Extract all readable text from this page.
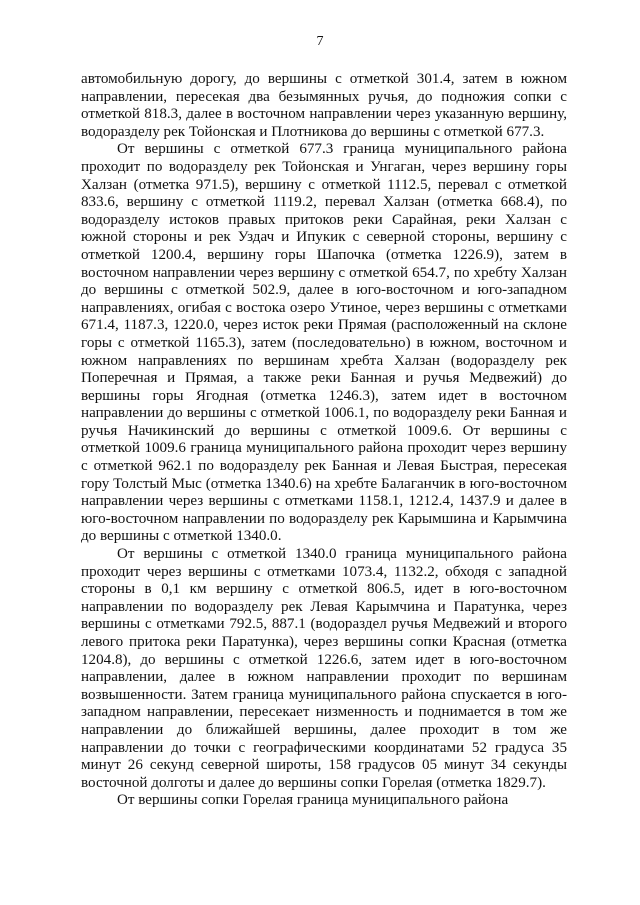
7

автомобильную дорогу, до вершины с отметкой 301.4, затем в южном направлении, пересекая два безымянных ручья, до подножия сопки с отметкой 818.3, далее в восточном направлении через указанную вершину, водоразделу рек Тойонская и Плотникова до вершины с отметкой 677.3.

От вершины с отметкой 677.3 граница муниципального района проходит по водоразделу рек Тойонская и Унгаган, через вершину горы Халзан (отметка 971.5), вершину с отметкой 1112.5, перевал с отметкой 833.6, вершину с отметкой 1119.2, перевал Халзан (отметка 668.4), по водоразделу истоков правых притоков реки Сарайная, реки Халзан с южной стороны и рек Уздач и Ипукик с северной стороны, вершину с отметкой 1200.4, вершину горы Шапочка (отметка 1226.9), затем в восточном направлении через вершину с отметкой 654.7, по хребту Халзан до вершины с отметкой 502.9, далее в юго-восточном и юго-западном направлениях, огибая с востока озеро Утиное, через вершины с отметками 671.4, 1187.3, 1220.0, через исток реки Прямая (расположенный на склоне горы с отметкой 1165.3), затем (последовательно) в южном, восточном и южном направлениях по вершинам хребта Халзан (водоразделу рек Поперечная и Прямая, а также реки Банная и ручья Медвежий) до вершины горы Ягодная (отметка 1246.3), затем идет в восточном направлении до вершины с отметкой 1006.1, по водоразделу реки Банная и ручья Начикинский до вершины с отметкой 1009.6. От вершины с отметкой 1009.6 граница муниципального района проходит через вершину с отметкой 962.1 по водоразделу рек Банная и Левая Быстрая, пересекая гору Толстый Мыс (отметка 1340.6) на хребте Балаганчик в юго-восточном направлении через вершины с отметками 1158.1, 1212.4, 1437.9 и далее в юго-восточном направлении по водоразделу рек Карымшина и Карымчина до вершины с отметкой 1340.0.

От вершины с отметкой 1340.0 граница муниципального района проходит через вершины с отметками 1073.4, 1132.2, обходя с западной стороны в 0,1 км вершину с отметкой 806.5, идет в юго-восточном направлении по водоразделу рек Левая Карымчина и Паратунка, через вершины с отметками 792.5, 887.1 (водораздел ручья Медвежий и второго левого притока реки Паратунка), через вершины сопки Красная (отметка 1204.8), до вершины с отметкой 1226.6, затем идет в юго-восточном направлении, далее в южном направлении проходит по вершинам возвышенности. Затем граница муниципального района спускается в юго-западном направлении, пересекает низменность и поднимается в том же направлении до ближайшей вершины, далее проходит в том же направлении до точки с географическими координатами 52 градуса 35 минут 26 секунд северной широты, 158 градусов 05 минут 34 секунды восточной долготы и далее до вершины сопки Горелая (отметка 1829.7).

От вершины сопки Горелая граница муниципального района
